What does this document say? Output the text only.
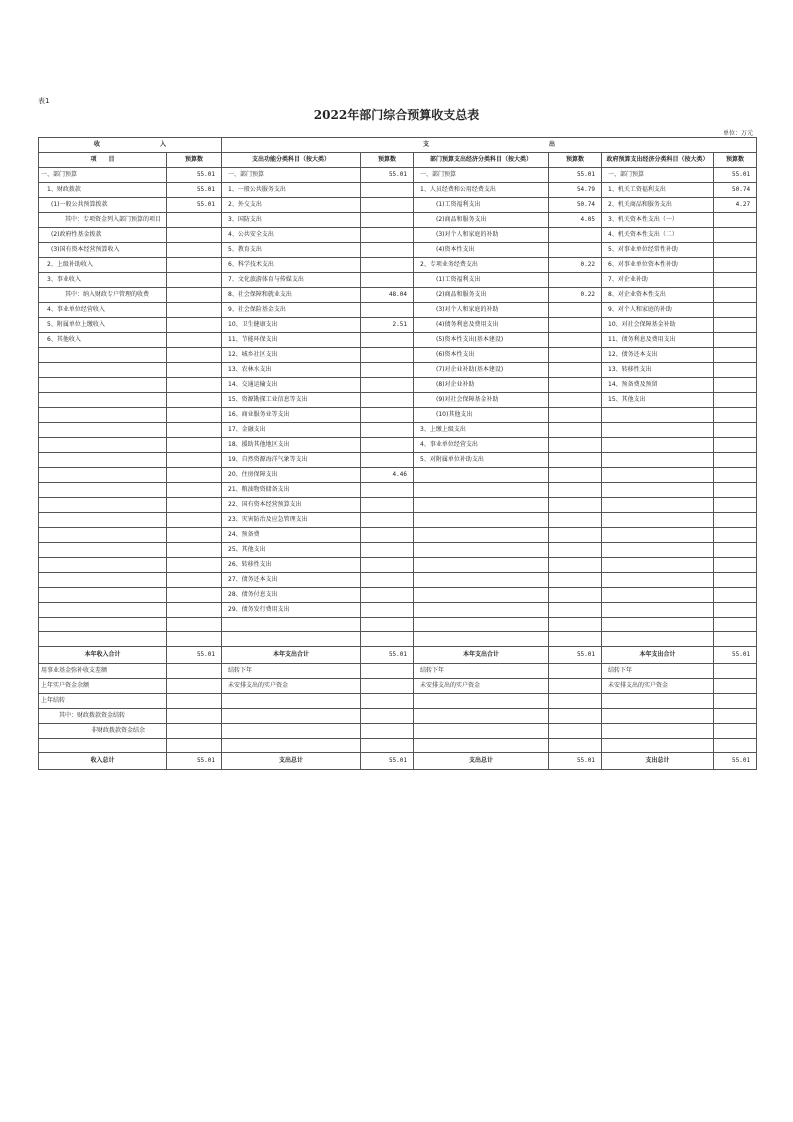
表1
2022年部门综合预算收支总表
单位：万元
收 入		支 出					
项　　目	预算数	支出功能分类科目（按大类）	预算数	部门预算支出经济分类科目（按大类）	预算数	政府预算支出经济分类科目（按大类）	预算数
一、部门预算	55.01	一、部门预算	55.01	一、部门预算	55.01	一、部门预算	55.01
1、财政拨款	55.01	1、一般公共服务支出		1、人员经费和公用经费支出	54.79	1、机关工资福利支出	50.74
(1)一般公共预算拨款	55.01	2、外交支出		(1)工资福利支出	50.74	2、机关商品和服务支出	4.27
其中：专项资金列入部门预算的项目		3、国防支出		(2)商品和服务支出	4.05	3、机关资本性支出（一）	
(2)政府性基金拨款		4、公共安全支出		(3)对个人和家庭的补助		4、机关资本性支出（二）	
(3)国有资本经营预算收入		5、教育支出		(4)资本性支出		5、对事业单位经常性补助	
2、上级补助收入		6、科学技术支出		2、专项业务经费支出	0.22	6、对事业单位资本性补助	
3、事业收入		7、文化旅游体育与传媒支出		(1)工资福利支出		7、对企业补助	
其中：纳入财政专户管理的收费		8、社会保障和就业支出	48.04	(2)商品和服务支出	0.22	8、对企业资本性支出	
4、事业单位经营收入		9、社会保险基金支出		(3)对个人和家庭的补助		9、对个人和家庭的补助	
5、附属单位上缴收入		10、卫生健康支出	2.51	(4)债务利息及费用支出		10、对社会保障基金补助	
6、其他收入		11、节能环保支出		(5)资本性支出(基本建设)		11、债务利息及费用支出	
		12、城乡社区支出		(6)资本性支出		12、债务还本支出	
		13、农林水支出		(7)对企业补助(基本建设)		13、转移性支出	
		14、交通运输支出		(8)对企业补助		14、预备费及预留	
		15、资源勘探工业信息等支出		(9)对社会保障基金补助		15、其他支出	
		16、商业服务业等支出		(10)其他支出			
		17、金融支出		3、上缴上级支出			
		18、援助其他地区支出		4、事业单位经营支出			
		19、自然资源海洋气象等支出		5、对附属单位补助支出			
		20、住房保障支出	4.46				
		21、粮油物资储备支出					
		22、国有资本经营预算支出					
		23、灾害防治及应急管理支出					
		24、预备费					
		25、其他支出					
		26、转移性支出					
		27、债务还本支出					
		28、债务付息支出					
		29、债务发行费用支出					

本年收入合计	55.01	本年支出合计	55.01	本年支出合计	55.01	本年支出合计	55.01
用事业基金弥补收支差额		结转下年		结转下年		结转下年	
上年实户资金余额		未安排支出的实户资金		未安排支出的实户资金		未安排支出的实户资金	
上年结转							
其中：财政拨款资金结转							
非财政拨款资金结余							

收入总计	55.01	支出总计	55.01	支出总计	55.01	支出总计	55.01
